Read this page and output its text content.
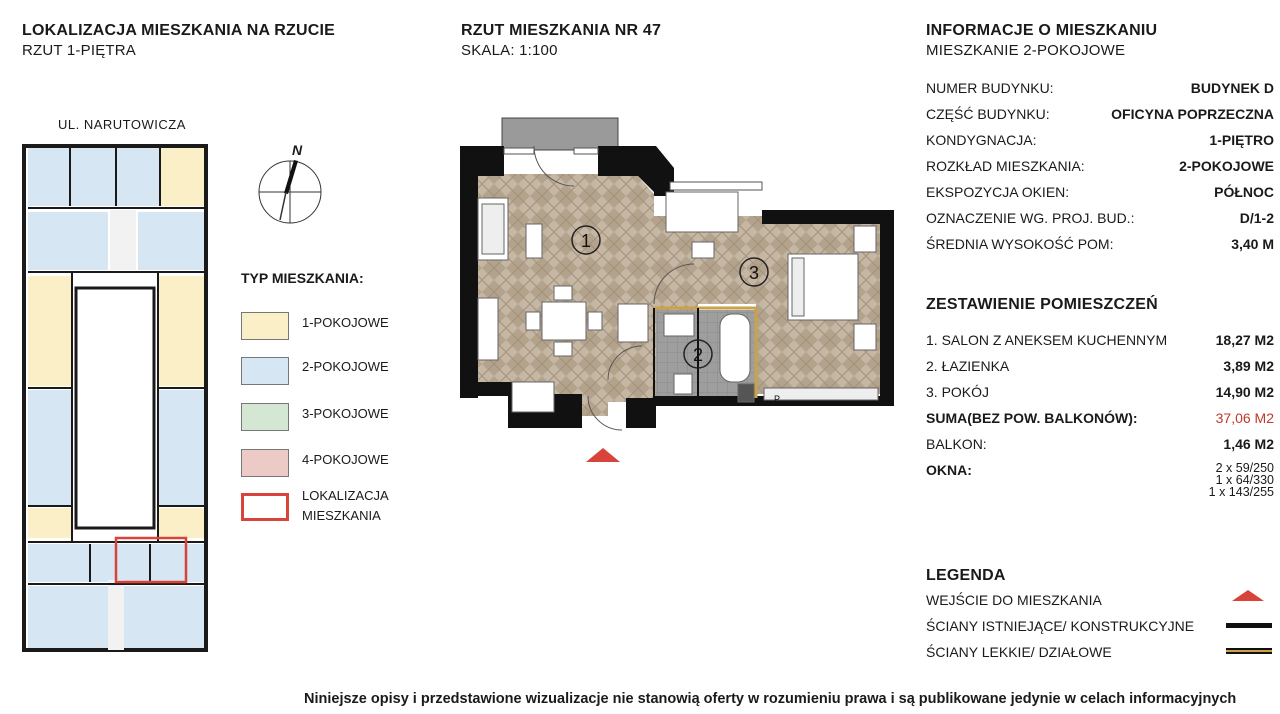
LOKALIZACJA MIESZKANIA NA RZUCIE
RZUT 1-PIĘTRA
UL. NARUTOWICZA
N
TYP MIESZKANIA:
1-POKOJOWE
2-POKOJOWE
3-POKOJOWE
4-POKOJOWE
LOKALIZACJA
MIESZKANIA
RZUT MIESZKANIA NR 47
SKALA: 1:100
1
2
3
P
INFORMACJE O MIESZKANIU
MIESZKANIE 2-POKOJOWE
NUMER BUDYNKU:	BUDYNEK D
CZĘŚĆ BUDYNKU:	OFICYNA POPRZECZNA
KONDYGNACJA:	1-PIĘTRO
ROZKŁAD MIESZKANIA:	2-POKOJOWE
EKSPOZYCJA OKIEN:	PÓŁNOC
OZNACZENIE WG. PROJ. BUD.:	D/1-2
ŚREDNIA WYSOKOŚĆ POM:	3,40 M
ZESTAWIENIE POMIESZCZEŃ
1. SALON Z ANEKSEM KUCHENNYM	18,27 M2
2. ŁAZIENKA	3,89 M2
3. POKÓJ	14,90 M2
SUMA(BEZ POW. BALKONÓW):	37,06 M2
BALKON:	1,46 M2
OKNA:	2 x 59/250
1 x 64/330
1 x 143/255
LEGENDA
WEJŚCIE DO MIESZKANIA
ŚCIANY ISTNIEJĄCE/ KONSTRUKCYJNE
ŚCIANY LEKKIE/ DZIAŁOWE
Niniejsze opisy i przedstawione wizualizacje nie stanowią oferty w rozumieniu prawa i są publikowane jedynie w celach informacyjnych
